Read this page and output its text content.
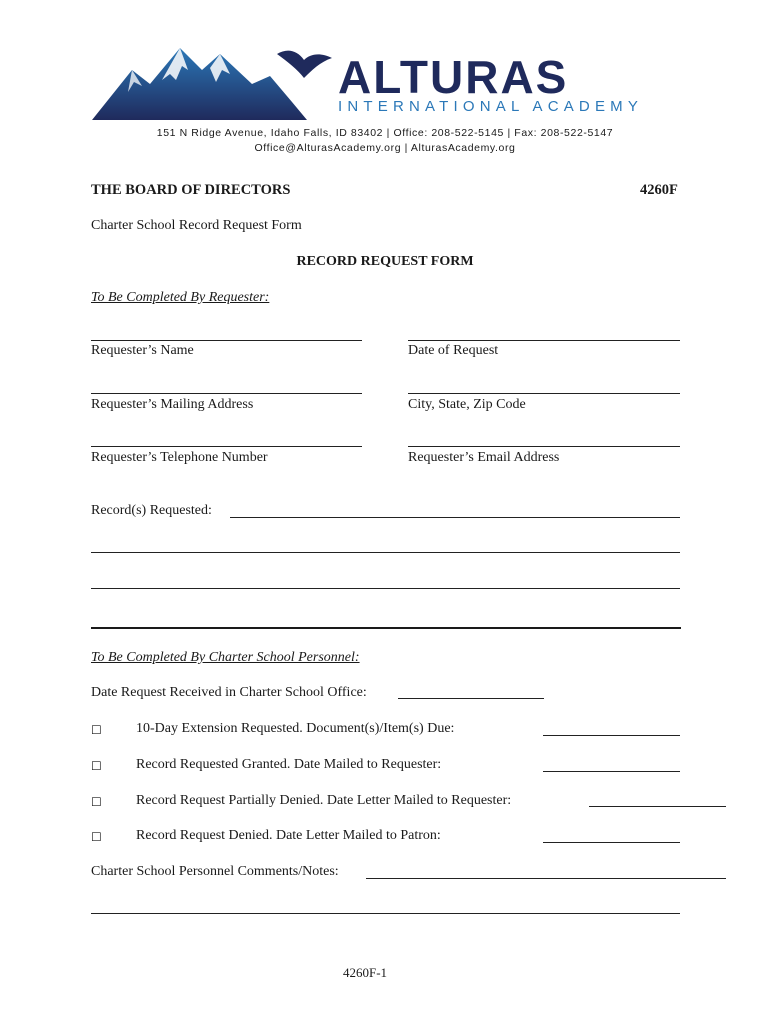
ALTURAS
INTERNATIONAL ACADEMY
151 N Ridge Avenue, Idaho Falls, ID 83402 | Office: 208-522-5145 | Fax: 208-522-5147
Office@AlturasAcademy.org | AlturasAcademy.org
THE BOARD OF DIRECTORS	4260F
Charter School Record Request Form
RECORD REQUEST FORM
To Be Completed By Requester:
Requester’s Name	Date of Request
Requester’s Mailing Address	City, State, Zip Code
Requester’s Telephone Number	Requester’s Email Address
Record(s) Requested:
To Be Completed By Charter School Personnel:
Date Request Received in Charter School Office:
☐ 10-Day Extension Requested. Document(s)/Item(s) Due:
☐ Record Requested Granted. Date Mailed to Requester:
☐ Record Request Partially Denied. Date Letter Mailed to Requester:
☐ Record Request Denied. Date Letter Mailed to Patron:
Charter School Personnel Comments/Notes:
4260F-1
